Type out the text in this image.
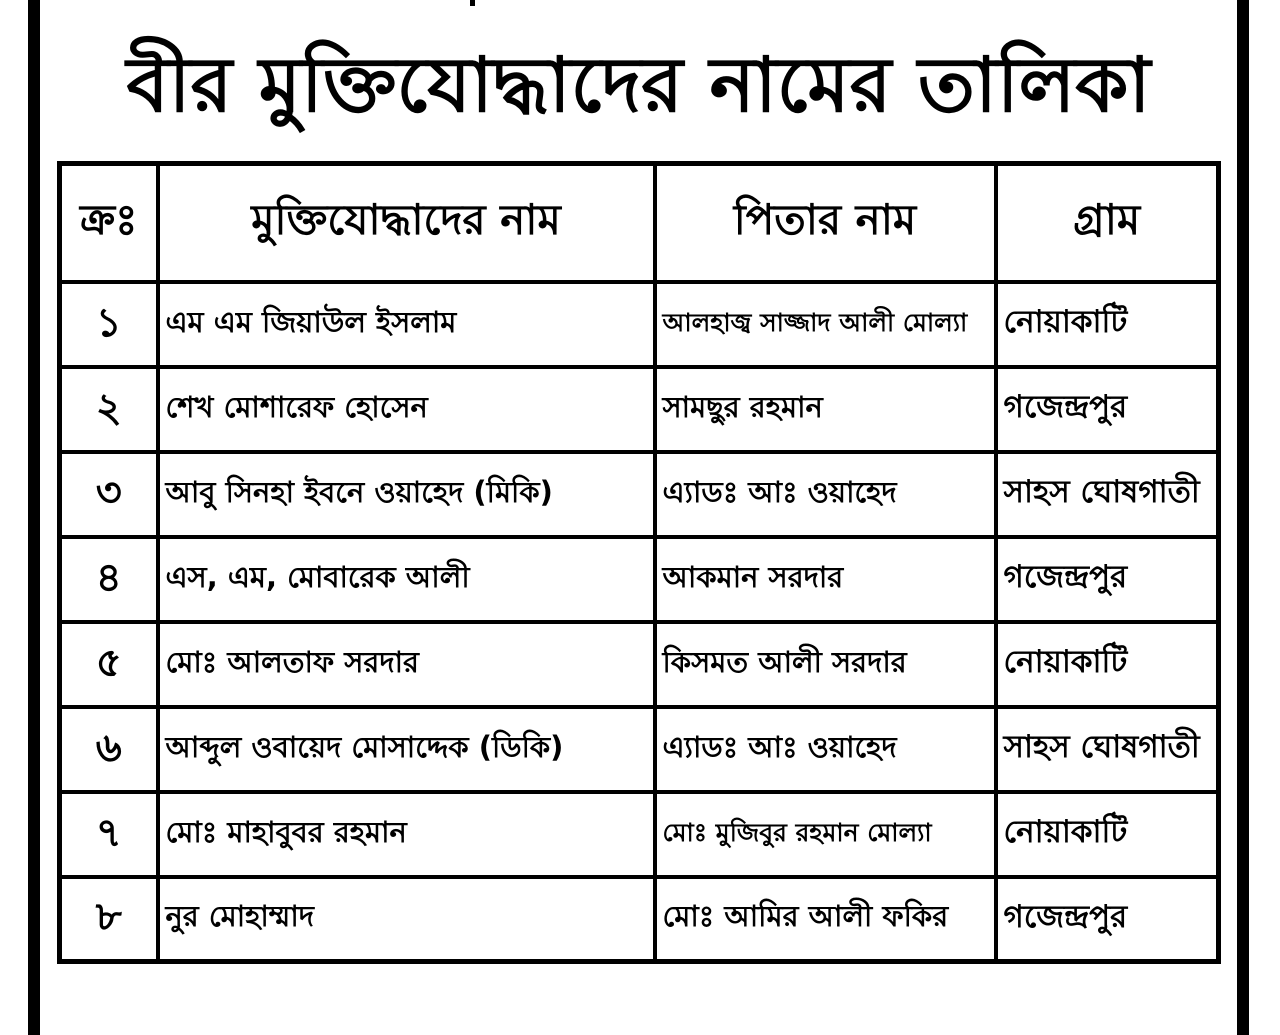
বীর মুক্তিযোদ্ধাদের নামের তালিকা
ক্রঃ	মুক্তিযোদ্ধাদের নাম	পিতার নাম	গ্রাম
১	এম এম জিয়াউল ইসলাম	আলহাজ্ব সাজ্জাদ আলী মোল্যা	নোয়াকাটি
২	শেখ মোশারেফ হোসেন	সামছুর রহমান	গজেন্দ্রপুর
৩	আবু সিনহা ইবনে ওয়াহেদ (মিকি)	এ্যাডঃ আঃ ওয়াহেদ	সাহস ঘোষগাতী
৪	এস, এম, মোবারেক আলী	আকমান সরদার	গজেন্দ্রপুর
৫	মোঃ আলতাফ সরদার	কিসমত আলী সরদার	নোয়াকাটি
৬	আব্দুল ওবায়েদ মোসাদ্দেক (ডিকি)	এ্যাডঃ আঃ ওয়াহেদ	সাহস ঘোষগাতী
৭	মোঃ মাহাবুবর রহমান	মোঃ মুজিবুর রহমান মোল্যা	নোয়াকাটি
৮	নুর মোহাম্মাদ	মোঃ আমির আলী ফকির	গজেন্দ্রপুর
